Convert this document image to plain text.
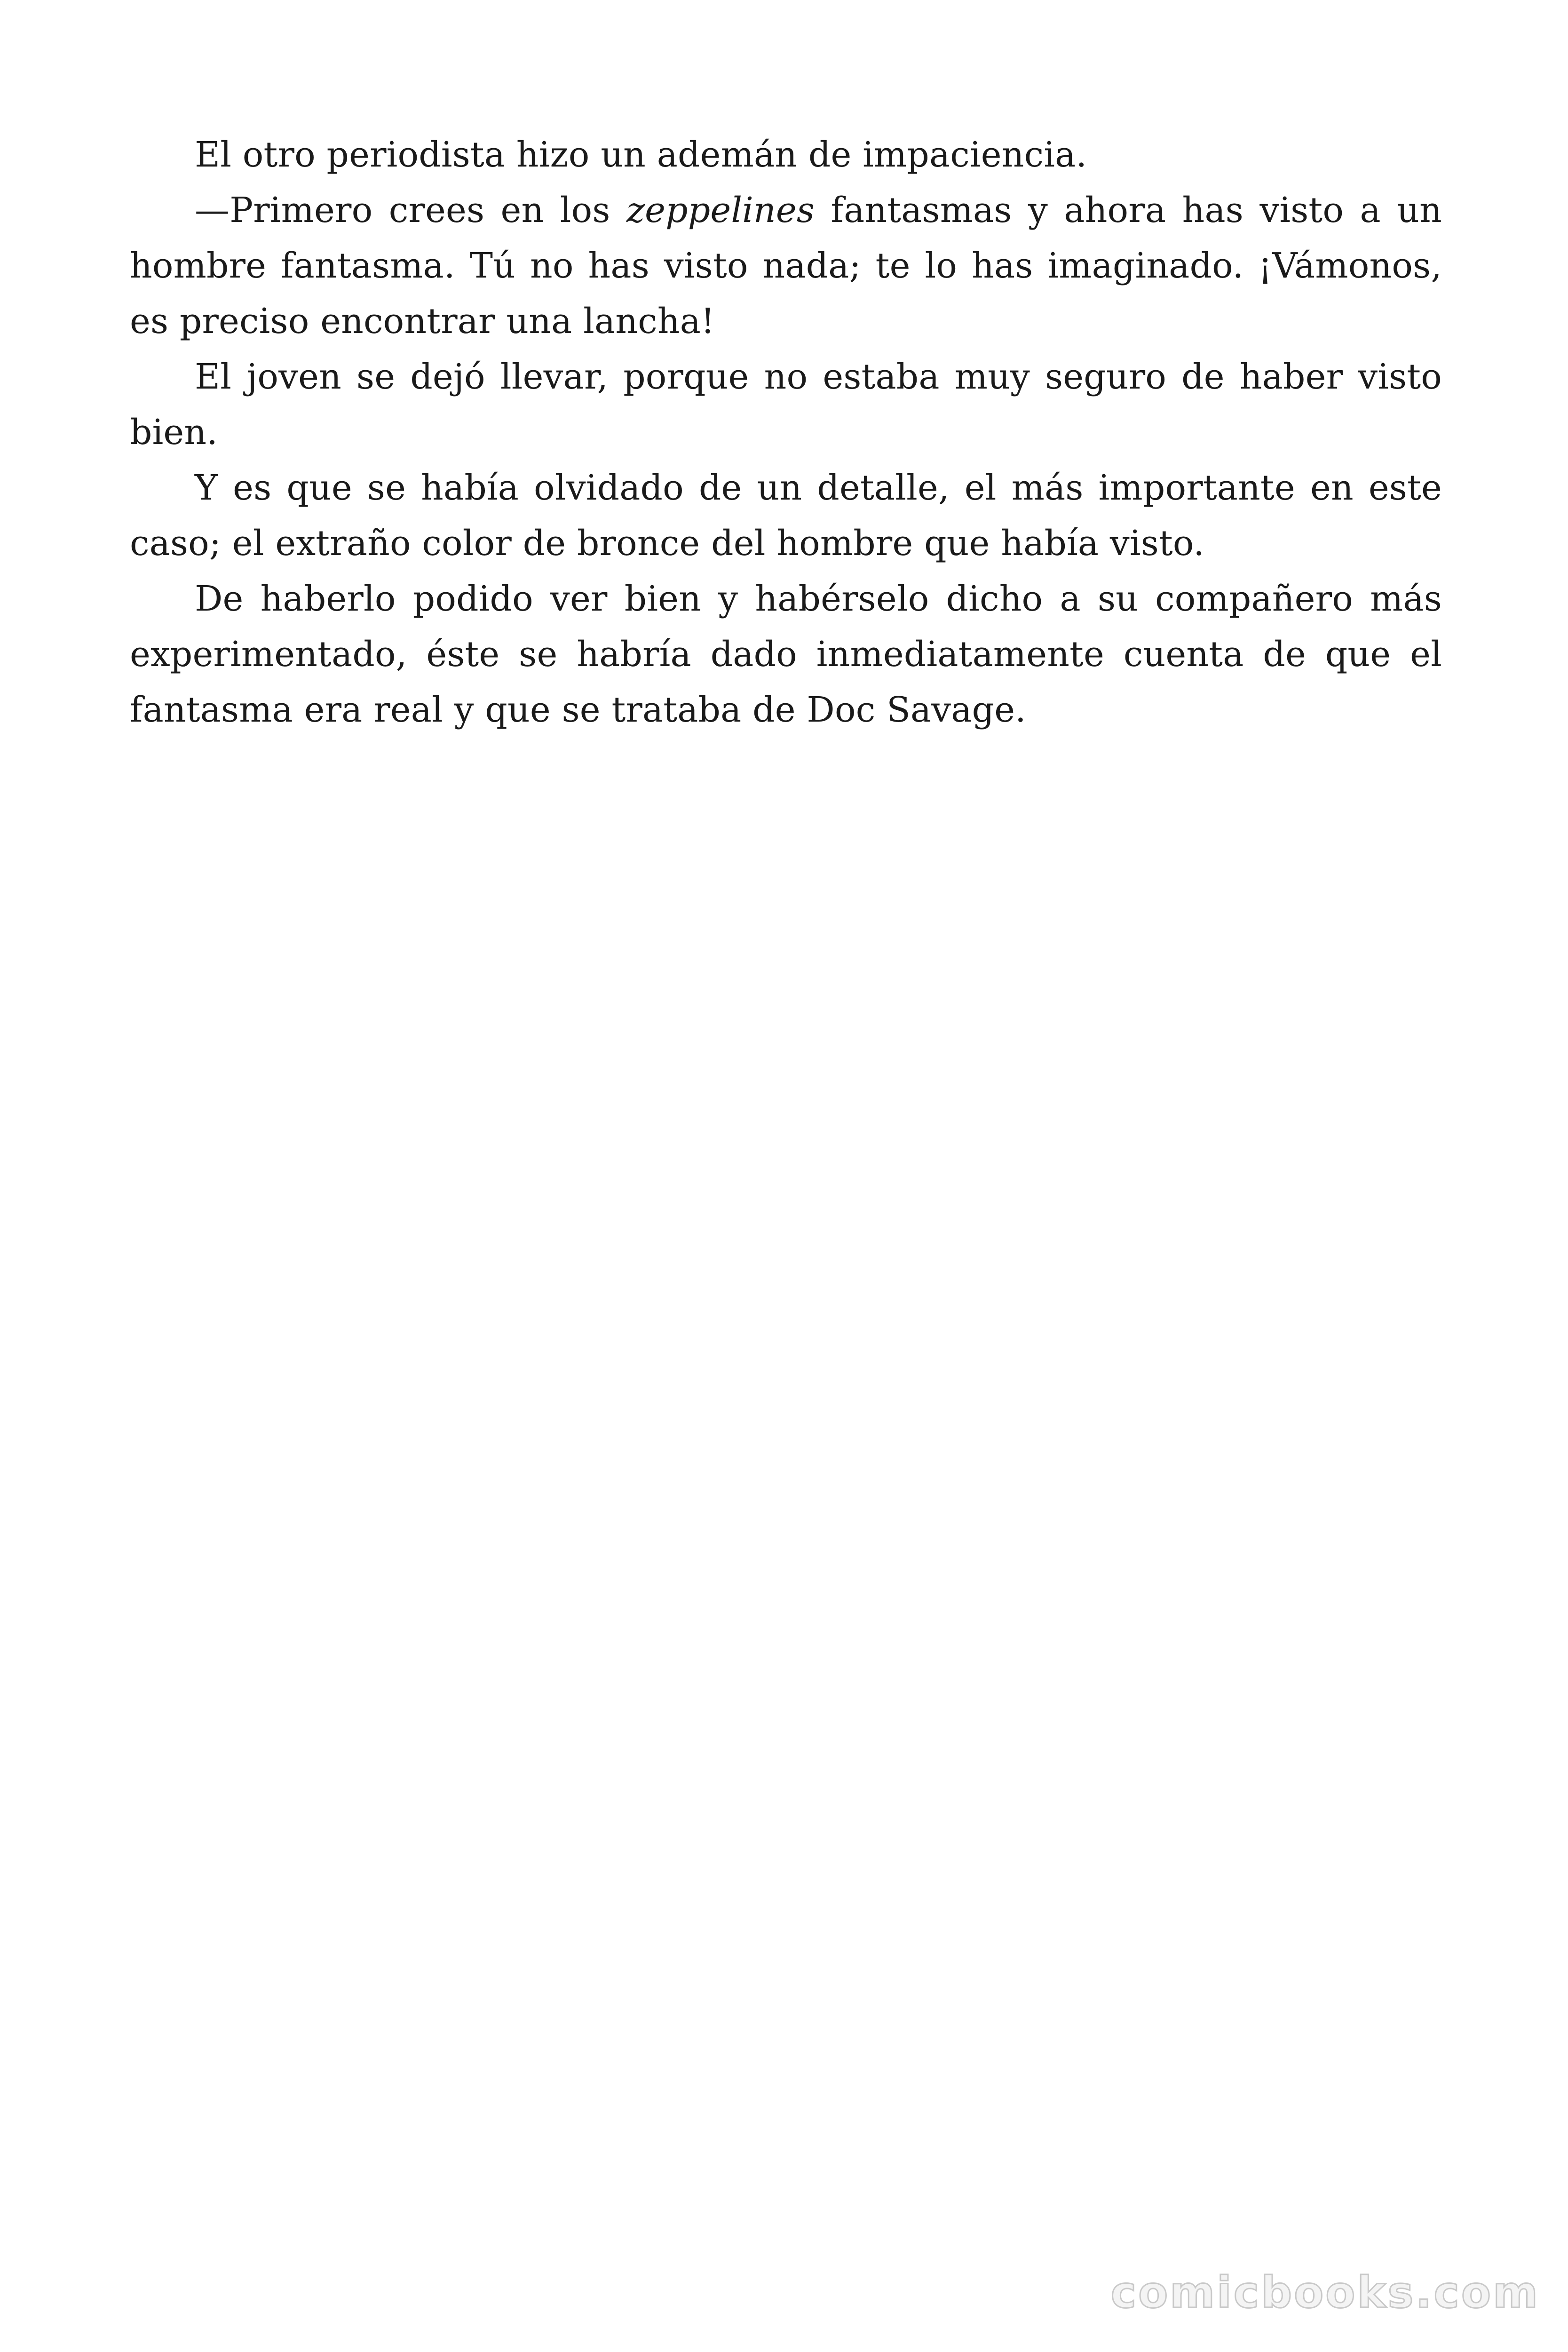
El otro periodista hizo un ademán de impaciencia.

—Primero crees en los zeppelines fantasmas y ahora has visto a un hombre fantasma. Tú no has visto nada; te lo has imaginado. ¡Vámonos, es preciso encontrar una lancha!

El joven se dejó llevar, porque no estaba muy seguro de haber visto bien.

Y es que se había olvidado de un detalle, el más importante en este caso; el extraño color de bronce del hombre que había visto.

De haberlo podido ver bien y habérselo dicho a su compañero más experimentado, éste se habría dado inmediatamente cuenta de que el fantasma era real y que se trataba de Doc Savage.

comicbooks.com
